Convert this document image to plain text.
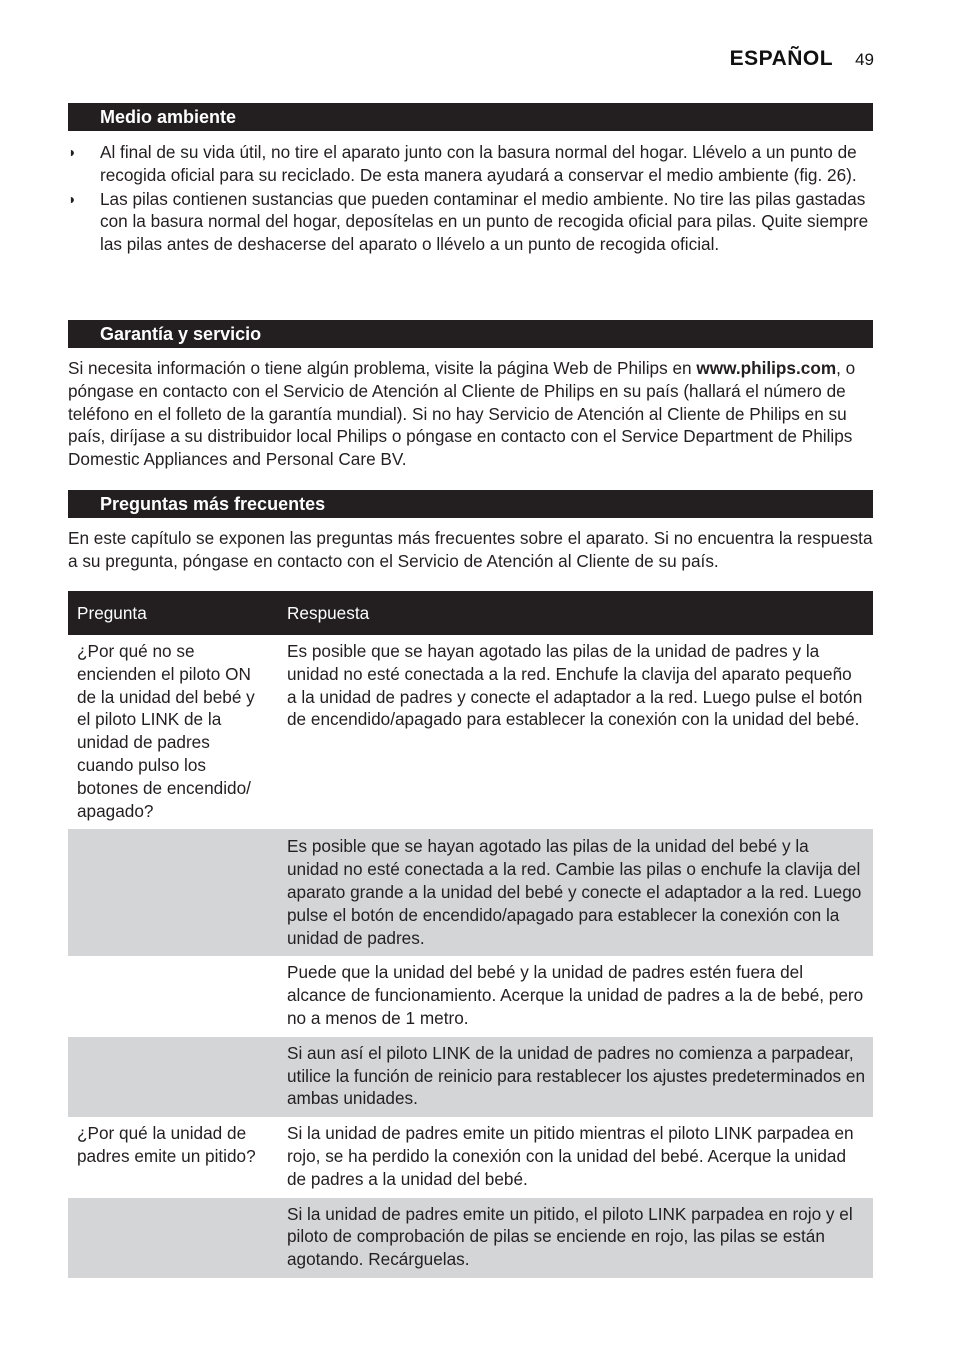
ESPAÑOL 49
Medio ambiente
◗ Al final de su vida útil, no tire el aparato junto con la basura normal del hogar. Llévelo a un punto de recogida oficial para su reciclado. De esta manera ayudará a conservar el medio ambiente (fig. 26).
◗ Las pilas contienen sustancias que pueden contaminar el medio ambiente. No tire las pilas gastadas con la basura normal del hogar, deposítelas en un punto de recogida oficial para pilas. Quite siempre las pilas antes de deshacerse del aparato o llévelo a un punto de recogida oficial.
Garantía y servicio

Si necesita información o tiene algún problema, visite la página Web de Philips en www.philips.com, o póngase en contacto con el Servicio de Atención al Cliente de Philips en su país (hallará el número de teléfono en el folleto de la garantía mundial). Si no hay Servicio de Atención al Cliente de Philips en su país, diríjase a su distribuidor local Philips o póngase en contacto con el Service Department de Philips Domestic Appliances and Personal Care BV.

Preguntas más frecuentes

En este capítulo se exponen las preguntas más frecuentes sobre el aparato. Si no encuentra la respuesta a su pregunta, póngase en contacto con el Servicio de Atención al Cliente de su país.

Pregunta	Respuesta
¿Por qué no se encienden el piloto ON de la unidad del bebé y el piloto LINK de la unidad de padres cuando pulso los botones de encendido/ apagado?	Es posible que se hayan agotado las pilas de la unidad de padres y la unidad no esté conectada a la red. Enchufe la clavija del aparato pequeño a la unidad de padres y conecte el adaptador a la red. Luego pulse el botón de encendido/apagado para establecer la conexión con la unidad del bebé.
	Es posible que se hayan agotado las pilas de la unidad del bebé y la unidad no esté conectada a la red. Cambie las pilas o enchufe la clavija del aparato grande a la unidad del bebé y conecte el adaptador a la red. Luego pulse el botón de encendido/apagado para establecer la conexión con la unidad de padres.
	Puede que la unidad del bebé y la unidad de padres estén fuera del alcance de funcionamiento. Acerque la unidad de padres a la de bebé, pero no a menos de 1 metro.
	Si aun así el piloto LINK de la unidad de padres no comienza a parpadear, utilice la función de reinicio para restablecer los ajustes predeterminados en ambas unidades.
¿Por qué la unidad de padres emite un pitido?	Si la unidad de padres emite un pitido mientras el piloto LINK parpadea en rojo, se ha perdido la conexión con la unidad del bebé. Acerque la unidad de padres a la unidad del bebé.
	Si la unidad de padres emite un pitido, el piloto LINK parpadea en rojo y el piloto de comprobación de pilas se enciende en rojo, las pilas se están agotando. Recárguelas.
